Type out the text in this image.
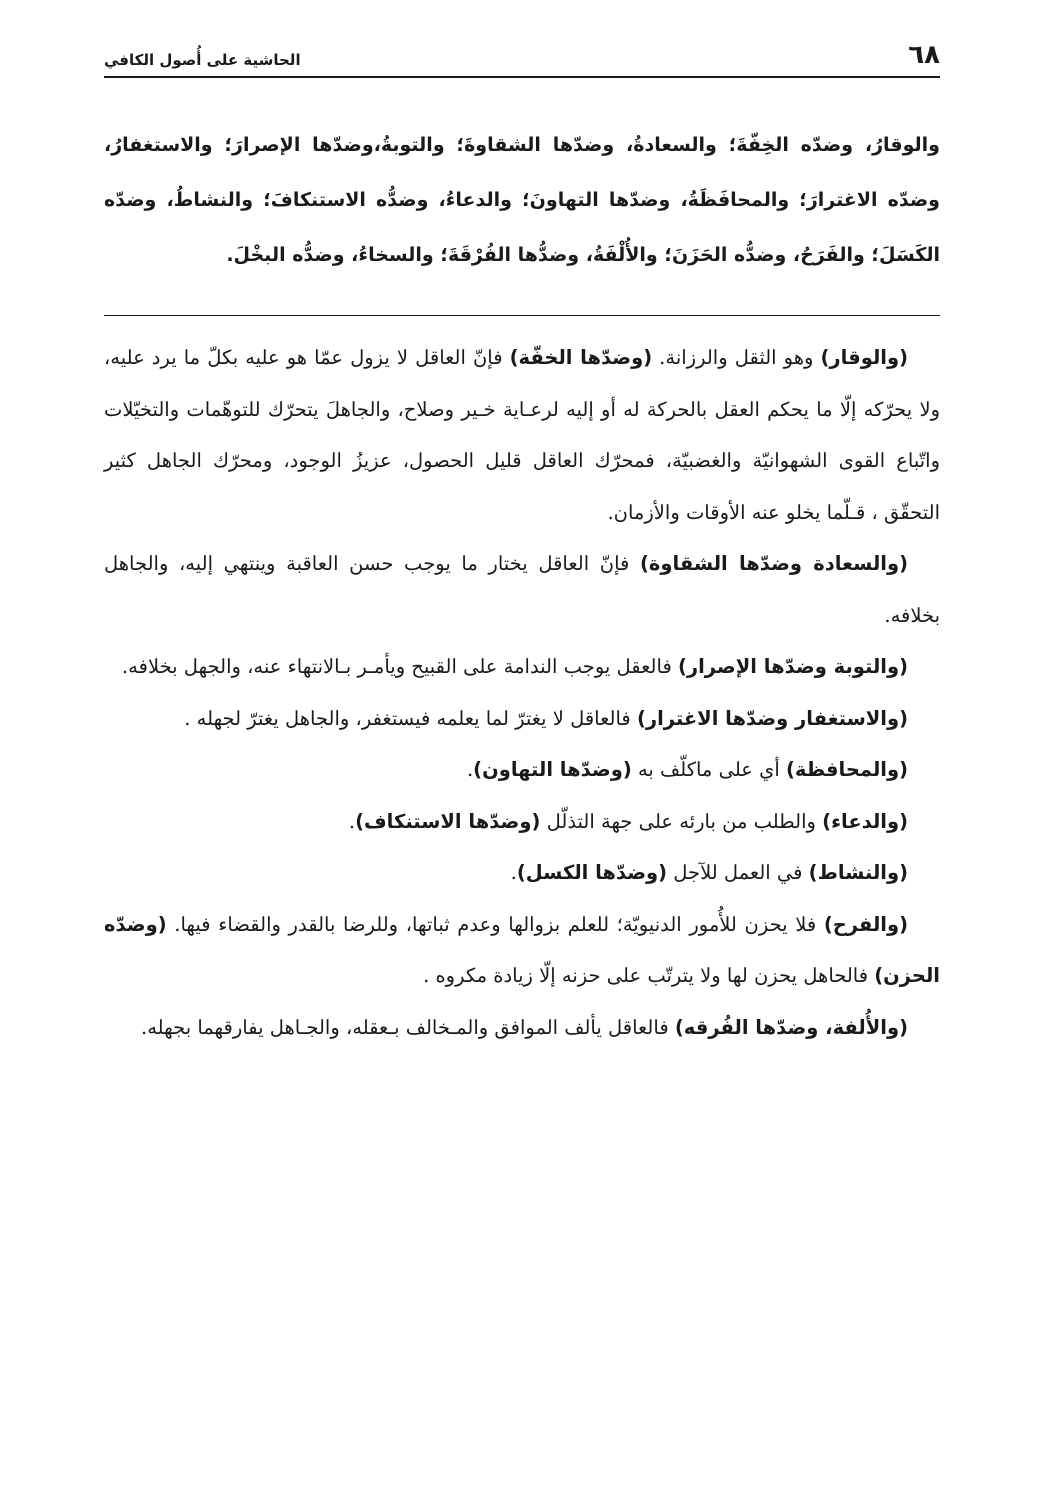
٦٨
الحاشية على أُصول الكافي
والوقارُ، وضدّه الخِفّةَ؛ والسعادةُ، وضدّها الشقاوةَ؛ والتوبةُ،وضدّها الإصرارَ؛ والاستغفارُ، وضدّه الاغترارَ؛ والمحافَظَةُ، وضدّها التهاونَ؛ والدعاءُ، وضدُّه الاستنكافَ؛ والنشاطُ، وضدّه الكَسَلَ؛ والفَرَحُ، وضدُّه الحَزَنَ؛ والأُلْفَةُ، وضدُّها الفُرْقَةَ؛ والسخاءُ، وضدُّه البخْلَ.

(والوقار) وهو الثقل والرزانة. (وضدّها الخفّة) فإنّ العاقل لا يزول عمّا هو عليه بكلّ ما يرد عليه، ولا يحرّكه إلّا ما يحكم العقل بالحركة له أو إليه لرعـاية خـير وصلاح، والجاهلَ يتحرّك للتوهّمات والتخيّلات واتّباع القوى الشهوانيّة والغضبيّة، فمحرّك العاقل قليل الحصول، عزيزُ الوجود، ومحرّك الجاهل كثير التحقّق ، قـلّما يخلو عنه الأوقات والأزمان.

(والسعادة وضدّها الشقاوة) فإنّ العاقل يختار ما يوجب حسن العاقبة وينتهي إليه، والجاهل بخلافه.

(والتوبة وضدّها الإصرار) فالعقل يوجب الندامة على القبيح ويأمـر بـالانتهاء عنه، والجهل بخلافه.

(والاستغفار وضدّها الاغترار) فالعاقل لا يغترّ لما يعلمه فيستغفر، والجاهل يغترّ لجهله .

(والمحافظة) أي على ماكلّف به (وضدّها التهاون).

(والدعاء) والطلب من بارئه على جهة التذلّل (وضدّها الاستنكاف).

(والنشاط) في العمل للآجل (وضدّها الكسل).

(والفرح) فلا يحزن للأُمور الدنيويّة؛ للعلم بزوالها وعدم ثباتها، وللرضا بالقدر والقضاء فيها. (وضدّه الحزن) فالحاهل يحزن لها ولا يترتّب على حزنه إلّا زيادة مكروه .

(والأُلفة، وضدّها الفُرقه) فالعاقل يألف الموافق والمـخالف بـعقله، والجـاهل يفارقهما بجهله.
